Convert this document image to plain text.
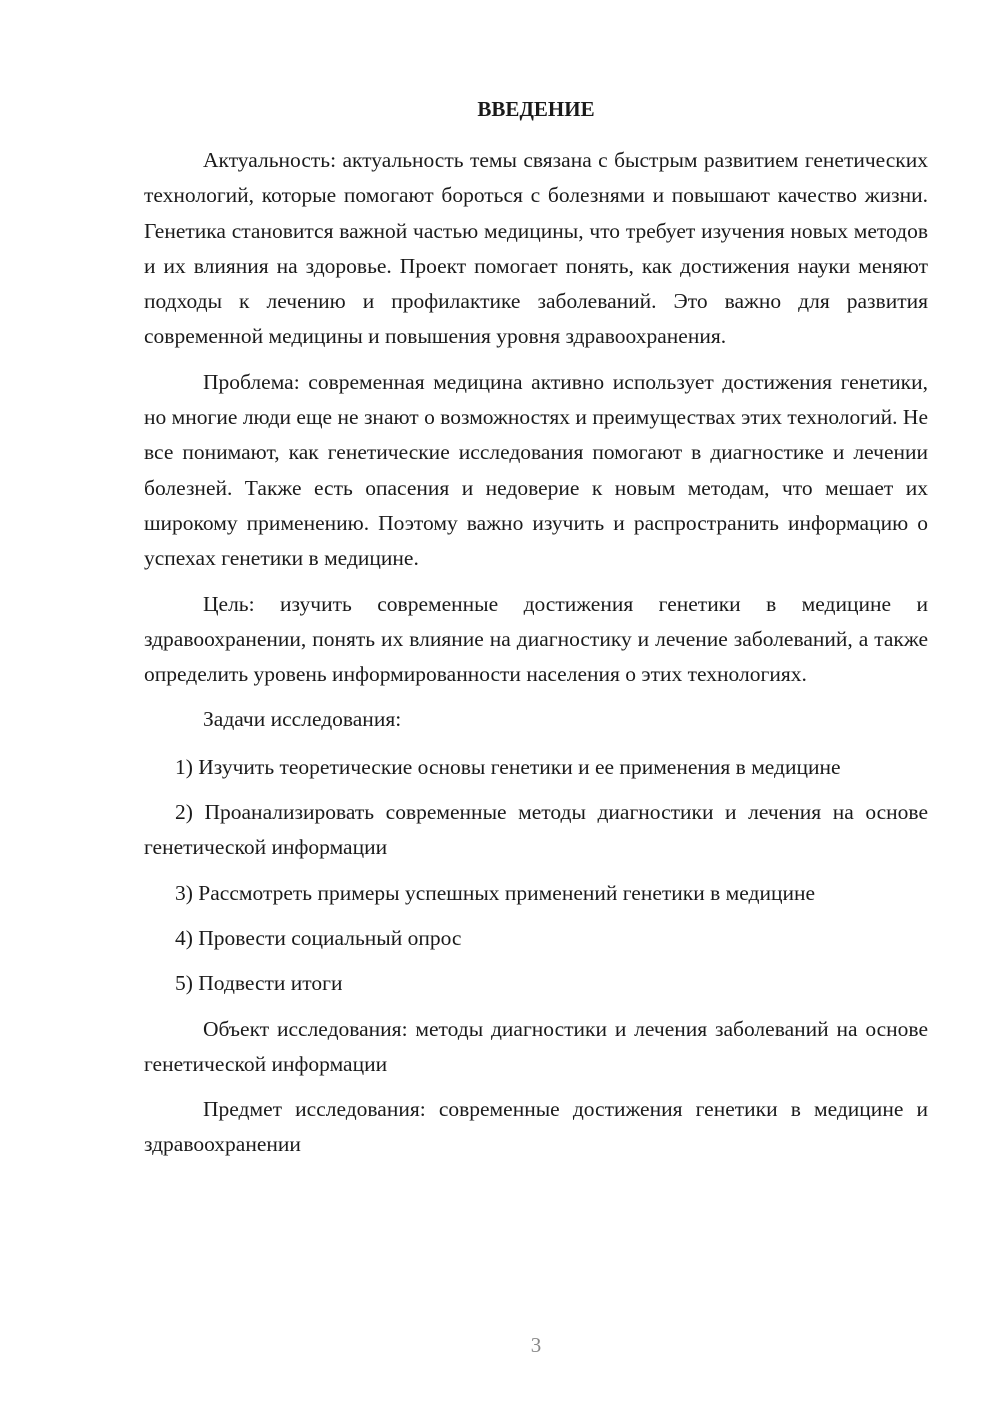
ВВЕДЕНИЕ

Актуальность: актуальность темы связана с быстрым развитием генетических технологий, которые помогают бороться с болезнями и повышают качество жизни. Генетика становится важной частью медицины, что требует изучения новых методов и их влияния на здоровье. Проект помогает понять, как достижения науки меняют подходы к лечению и профилактике заболеваний. Это важно для развития современной медицины и повышения уровня здравоохранения.

Проблема: современная медицина активно использует достижения генетики, но многие люди еще не знают о возможностях и преимуществах этих технологий. Не все понимают, как генетические исследования помогают в диагностике и лечении болезней. Также есть опасения и недоверие к новым методам, что мешает их широкому применению. Поэтому важно изучить и распространить информацию о успехах генетики в медицине.

Цель: изучить современные достижения генетики в медицине и здравоохранении, понять их влияние на диагностику и лечение заболеваний, а также определить уровень информированности населения о этих технологиях.

Задачи исследования:

1) Изучить теоретические основы генетики и ее применения в медицине

2) Проанализировать современные методы диагностики и лечения на основе генетической информации

3) Рассмотреть примеры успешных применений генетики в медицине

4) Провести социальный опрос

5) Подвести итоги

Объект исследования: методы диагностики и лечения заболеваний на основе генетической информации

Предмет исследования: современные достижения генетики в медицине и здравоохранении

3
